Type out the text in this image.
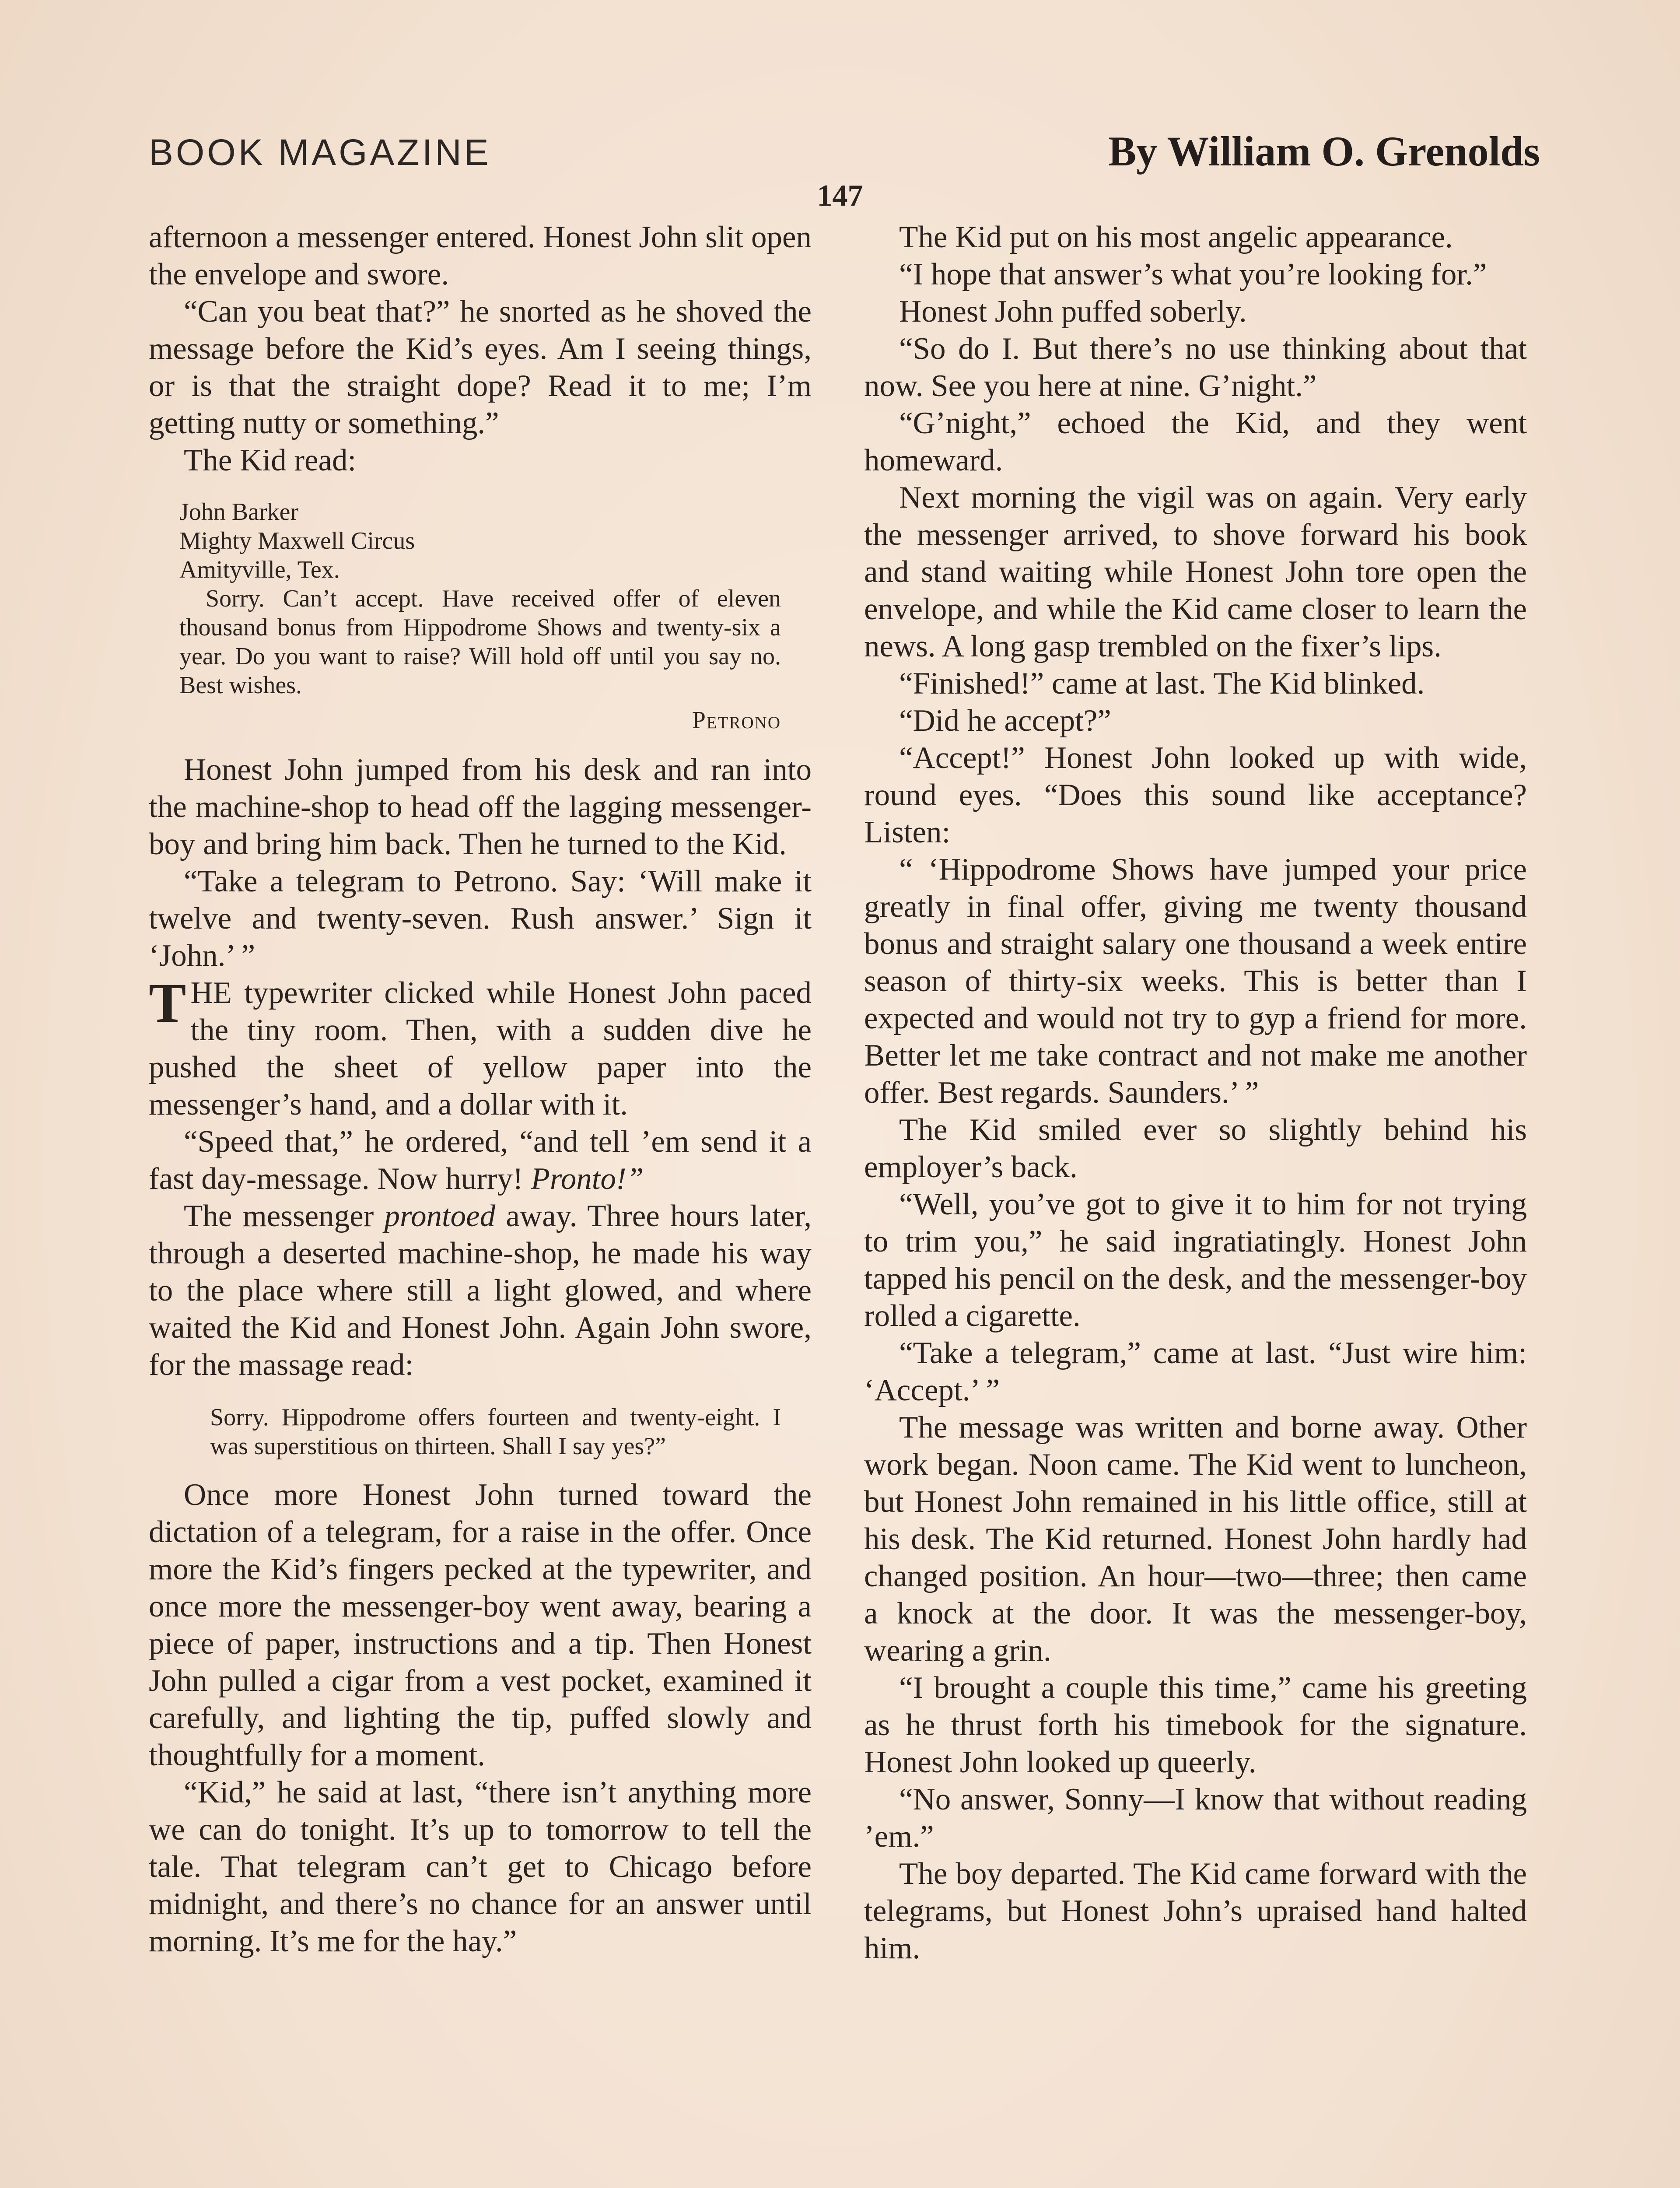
BOOK MAGAZINE	By William O. Grenolds
147

afternoon a messenger entered. Honest John slit open the envelope and swore.

“Can you beat that?” he snorted as he shoved the message before the Kid’s eyes. Am I seeing things, or is that the straight dope? Read it to me; I’m getting nutty or something.”

The Kid read:

John Barker
Mighty Maxwell Circus
Amityville, Tex.
Sorry. Can’t accept. Have received offer of eleven thousand bonus from Hippodrome Shows and twenty-six a year. Do you want to raise? Will hold off until you say no. Best wishes.
Petrono

Honest John jumped from his desk and ran into the machine-shop to head off the lagging messenger-boy and bring him back. Then he turned to the Kid.

“Take a telegram to Petrono. Say: ‘Will make it twelve and twenty-seven. Rush answer.’ Sign it ‘John.’ ”

THE typewriter clicked while Honest John paced the tiny room. Then, with a sudden dive he pushed the sheet of yellow paper into the messenger’s hand, and a dollar with it.

“Speed that,” he ordered, “and tell ’em send it a fast day-message. Now hurry! Pronto!”

The messenger prontoed away. Three hours later, through a deserted machine-shop, he made his way to the place where still a light glowed, and where waited the Kid and Honest John. Again John swore, for the massage read:

Sorry. Hippodrome offers fourteen and twenty-eight. I was superstitious on thirteen. Shall I say yes?”

Once more Honest John turned toward the dictation of a telegram, for a raise in the offer. Once more the Kid’s fingers pecked at the typewriter, and once more the messenger-boy went away, bearing a piece of paper, instructions and a tip. Then Honest John pulled a cigar from a vest pocket, examined it carefully, and lighting the tip, puffed slowly and thoughtfully for a moment.

“Kid,” he said at last, “there isn’t anything more we can do tonight. It’s up to tomorrow to tell the tale. That telegram can’t get to Chicago before midnight, and there’s no chance for an answer until morning. It’s me for the hay.”

The Kid put on his most angelic appearance.

“I hope that answer’s what you’re looking for.”

Honest John puffed soberly.

“So do I. But there’s no use thinking about that now. See you here at nine. G’night.”

“G’night,” echoed the Kid, and they went homeward.

Next morning the vigil was on again. Very early the messenger arrived, to shove forward his book and stand waiting while Honest John tore open the envelope, and while the Kid came closer to learn the news. A long gasp trembled on the fixer’s lips.

“Finished!” came at last. The Kid blinked.

“Did he accept?”

“Accept!” Honest John looked up with wide, round eyes. “Does this sound like acceptance? Listen:

“ ‘Hippodrome Shows have jumped your price greatly in final offer, giving me twenty thousand bonus and straight salary one thousand a week entire season of thirty-six weeks. This is better than I expected and would not try to gyp a friend for more. Better let me take contract and not make me another offer. Best regards. Saunders.’ ”

The Kid smiled ever so slightly behind his employer’s back.

“Well, you’ve got to give it to him for not trying to trim you,” he said ingratiatingly. Honest John tapped his pencil on the desk, and the messenger-boy rolled a cigarette.

“Take a telegram,” came at last. “Just wire him: ‘Accept.’ ”

The message was written and borne away. Other work began. Noon came. The Kid went to luncheon, but Honest John remained in his little office, still at his desk. The Kid returned. Honest John hardly had changed position. An hour—two—three; then came a knock at the door. It was the messenger-boy, wearing a grin.

“I brought a couple this time,” came his greeting as he thrust forth his timebook for the signature. Honest John looked up queerly.

“No answer, Sonny—I know that without reading ’em.”

The boy departed. The Kid came forward with the telegrams, but Honest John’s upraised hand halted him.
